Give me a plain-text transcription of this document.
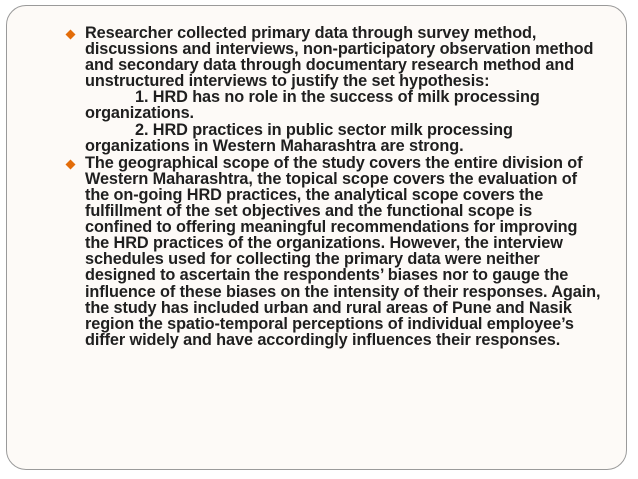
Researcher collected primary data through survey method, discussions and interviews, non-participatory observation method and secondary data through documentary research method and unstructured interviews to justify the set hypothesis:
1. HRD has no role in the success of milk processing organizations.
2. HRD practices in public sector milk processing organizations in Western Maharashtra are strong.
The geographical scope of the study covers the entire division of Western Maharashtra, the topical scope covers the evaluation of the on-going HRD practices, the analytical scope covers the fulfillment of the set objectives and the functional scope is confined to offering meaningful recommendations for improving the HRD practices of the organizations. However, the interview schedules used for collecting the primary data were neither designed to ascertain the respondents’ biases nor to gauge the influence of these biases on the intensity of their responses. Again, the study has included urban and rural areas of Pune and Nasik region the spatio-temporal perceptions of individual employee’s differ widely and have accordingly influences their responses.
